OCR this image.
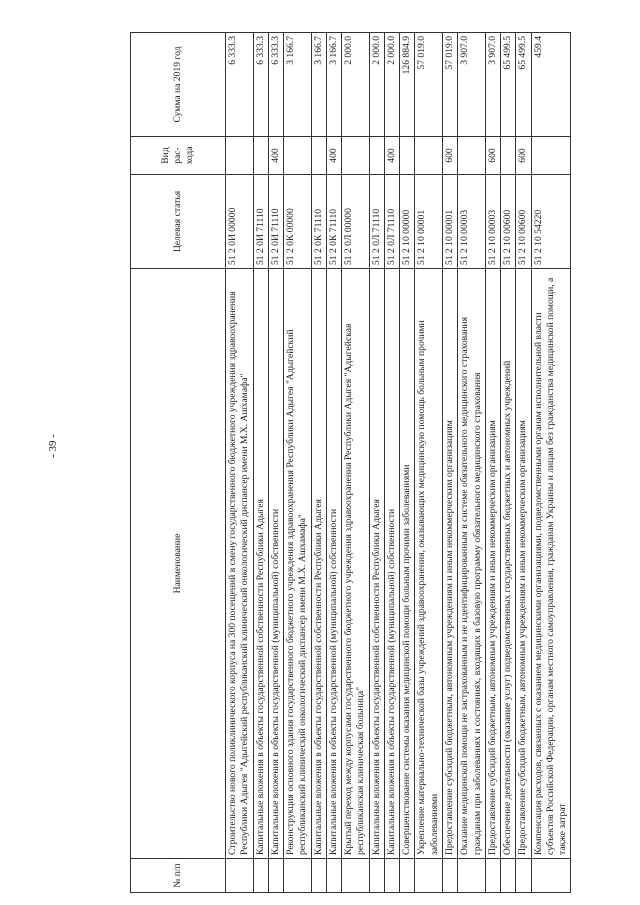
- 39 -
№ п/п	Наименование	Целевая статья	Вид рас-хода	Сумма на 2019 год
	Строительство нового поликлинического корпуса на 300 посещений в смену государственного бюджетного учреждения здравоохранения Республики Адыгея "Адыгейский республиканский клинический онкологический диспансер имени М.Х. Ашхамафа"	51 2 0И 00000		6 333.3
	Капитальные вложения в объекты государственной собственности Республики Адыгея	51 2 0И 71110		6 333.3
	Капитальные вложения в объекты государственной (муниципальной) собственности	51 2 0И 71110	400	6 333.3
	Реконструкция основного здания государственного бюджетного учреждения здравоохранения Республики Адыгея "Адыгейский республиканский клинический онкологический диспансер имени М.Х. Ашхамафа"	51 2 0К 00000		3 166.7
	Капитальные вложения в объекты государственной собственности Республики Адыгея	51 2 0К 71110		3 166.7
	Капитальные вложения в объекты государственной (муниципальной) собственности	51 2 0К 71110	400	3 166.7
	Крытый переход между корпусами государственного бюджетного учреждения здравоохранения Республики Адыгея "Адыгейская республиканская клиническая больница"	51 2 0Л 00000		2 000.0
	Капитальные вложения в объекты государственной собственности Республики Адыгея	51 2 0Л 71110		2 000.0
	Капитальные вложения в объекты государственной (муниципальной) собственности	51 2 0Л 71110	400	2 000.0
	Совершенствование системы оказания медицинской помощи больным прочими заболеваниями	51 2 10 00000		126 884.9
	Укрепление материально-технической базы учреждений здравоохранения, оказывающих медицинскую помощь больным прочими заболеваниями	51 2 10 00001		57 019.0
	Предоставление субсидий бюджетным, автономным учреждениям и иным некоммерческим организациям	51 2 10 00001	600	57 019.0
	Оказание медицинской помощи не застрахованным и не идентифицированным в системе обязательного медицинского страхования гражданам при заболеваниях и состояниях, входящих в базовую программу обязательного медицинского страхования	51 2 10 00003		3 907.0
	Предоставление субсидий бюджетным, автономным учреждениям и иным некоммерческим организациям	51 2 10 00003	600	3 907.0
	Обеспечение деятельности (оказание услуг) подведомственных государственных бюджетных и автономных учреждений	51 2 10 00600		65 499.5
	Предоставление субсидий бюджетным, автономным учреждениям и иным некоммерческим организациям	51 2 10 00600	600	65 499.5
	Компенсация расходов, связанных с оказанием медицинскими организациями, подведомственными органам исполнительной власти субъектов Российской Федерации, органам местного самоуправления, гражданам Украины и лицам без гражданства медицинской помощи, а также затрат	51 2 10 54220		459.4
